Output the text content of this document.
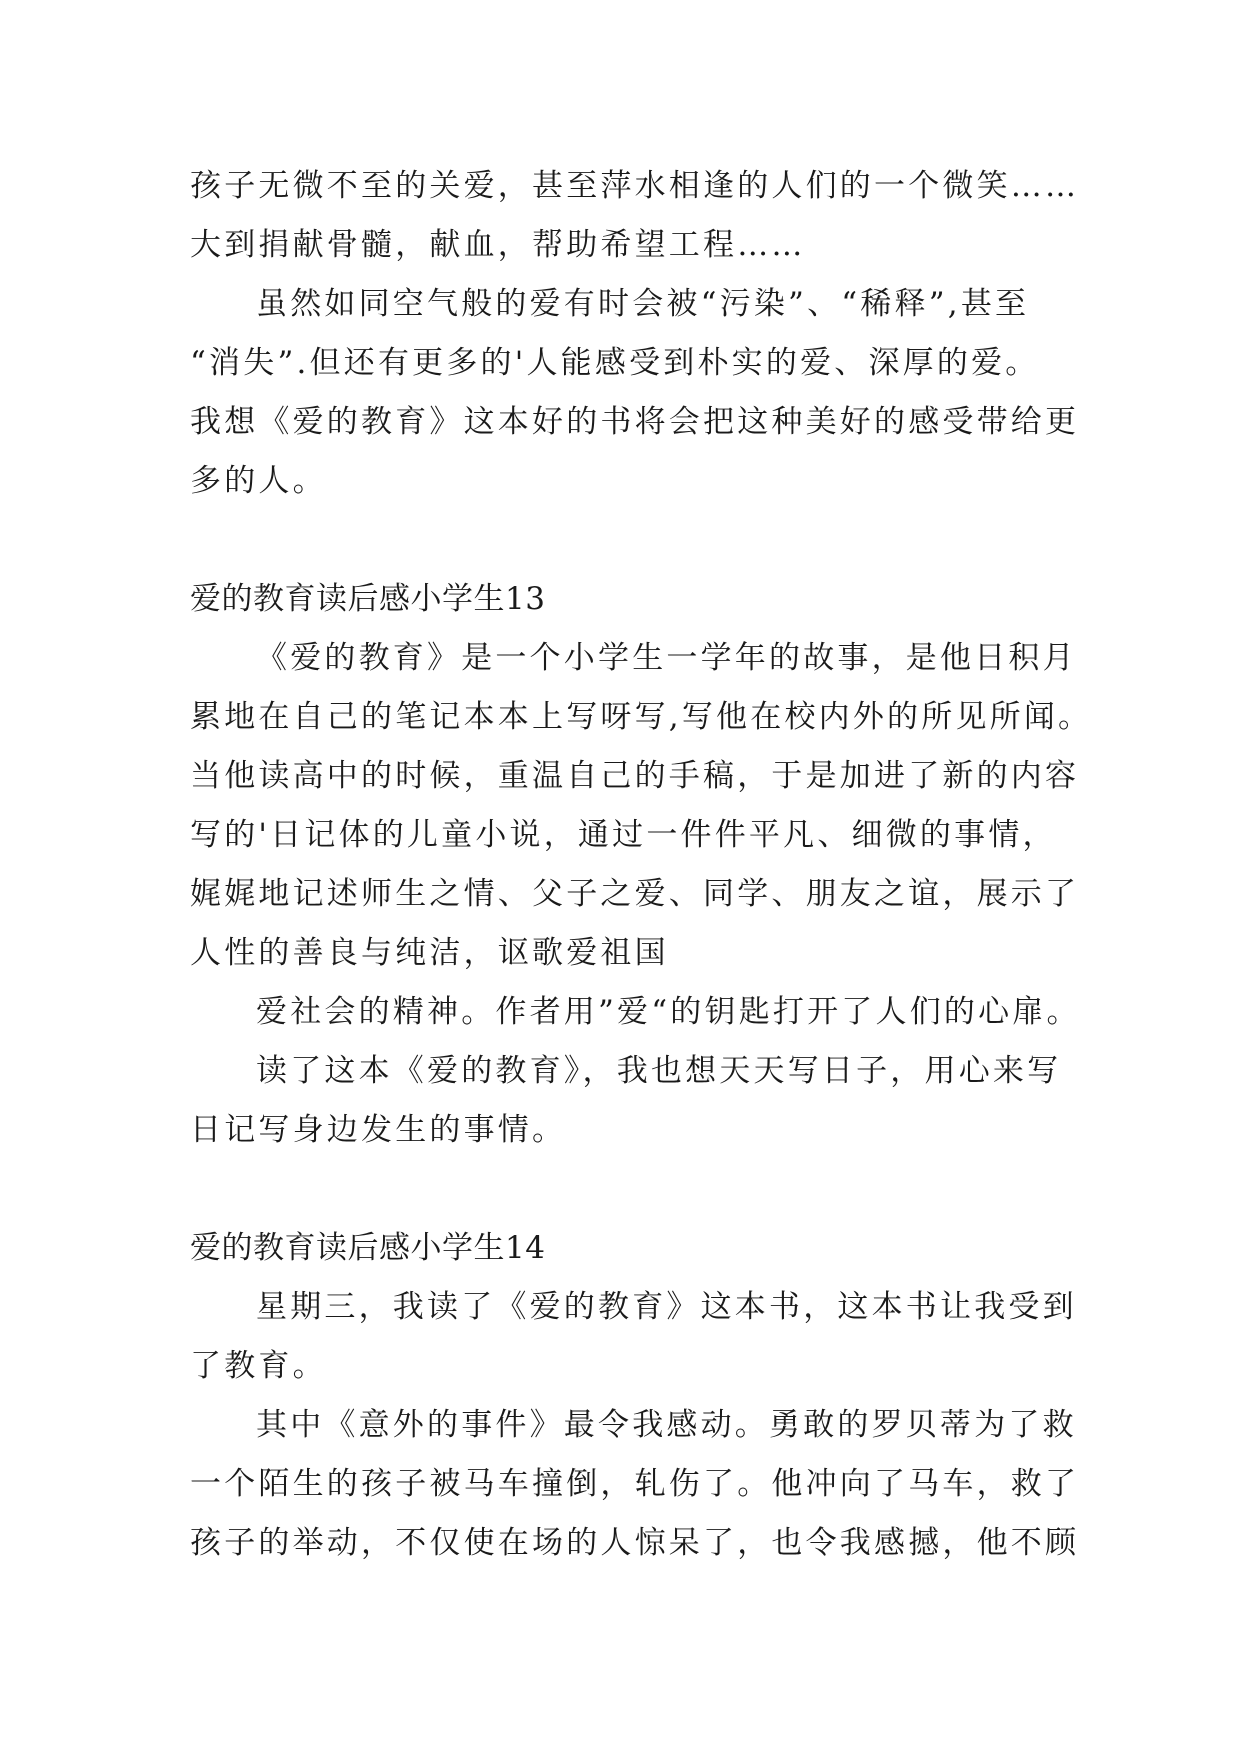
孩子无微不至的关爱，甚至萍水相逢的人们的一个微笑……
大到捐献骨髓，献血，帮助希望工程……
虽然如同空气般的爱有时会被“污染”、“稀释”,甚至
“消失”.但还有更多的'人能感受到朴实的爱、深厚的爱。
我想《爱的教育》这本好的书将会把这种美好的感受带给更
多的人。
爱的教育读后感小学生13
《爱的教育》是一个小学生一学年的故事，是他日积月
累地在自己的笔记本本上写呀写,写他在校内外的所见所闻。
当他读高中的时候，重温自己的手稿，于是加进了新的内容
写的'日记体的儿童小说，通过一件件平凡、细微的事情，
娓娓地记述师生之情、父子之爱、同学、朋友之谊，展示了
人性的善良与纯洁，讴歌爱祖国
爱社会的精神。作者用”爱“的钥匙打开了人们的心扉。
读了这本《爱的教育》，我也想天天写日子，用心来写
日记写身边发生的事情。
爱的教育读后感小学生14
星期三，我读了《爱的教育》这本书，这本书让我受到
了教育。
其中《意外的事件》最令我感动。勇敢的罗贝蒂为了救
一个陌生的孩子被马车撞倒，轧伤了。他冲向了马车，救了
孩子的举动，不仅使在场的人惊呆了，也令我感撼，他不顾
